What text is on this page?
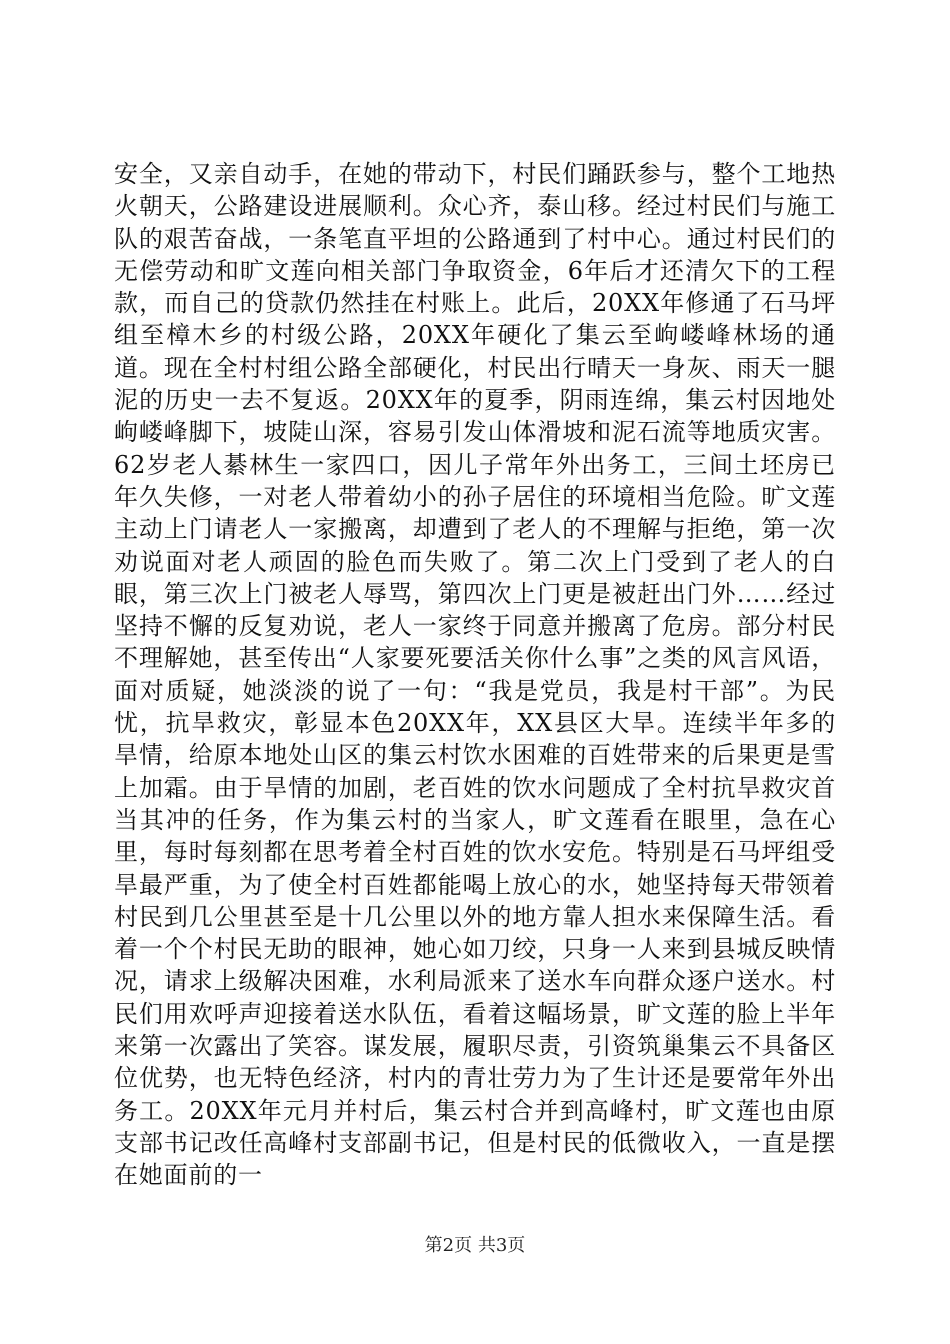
安全，又亲自动手，在她的带动下，村民们踊跃参与，整个工地热火朝天，公路建设进展顺利。众心齐，泰山移。经过村民们与施工队的艰苦奋战，一条笔直平坦的公路通到了村中心。通过村民们的无偿劳动和旷文莲向相关部门争取资金，6年后才还清欠下的工程款，而自己的贷款仍然挂在村账上。此后，20XX年修通了石马坪组至樟木乡的村级公路，20XX年硬化了集云至岣嵝峰林场的通道。现在全村村组公路全部硬化，村民出行晴天一身灰、雨天一腿泥的历史一去不复返。20XX年的夏季，阴雨连绵，集云村因地处岣嵝峰脚下，坡陡山深，容易引发山体滑坡和泥石流等地质灾害。62岁老人綦林生一家四口，因儿子常年外出务工，三间土坯房已年久失修，一对老人带着幼小的孙子居住的环境相当危险。旷文莲主动上门请老人一家搬离，却遭到了老人的不理解与拒绝，第一次劝说面对老人顽固的脸色而失败了。第二次上门受到了老人的白眼，第三次上门被老人辱骂，第四次上门更是被赶出门外……经过坚持不懈的反复劝说，老人一家终于同意并搬离了危房。部分村民不理解她，甚至传出“人家要死要活关你什么事”之类的风言风语，面对质疑，她淡淡的说了一句：“我是党员，我是村干部”。为民忧，抗旱救灾，彰显本色20XX年，XX县区大旱。连续半年多的旱情，给原本地处山区的集云村饮水困难的百姓带来的后果更是雪上加霜。由于旱情的加剧，老百姓的饮水问题成了全村抗旱救灾首当其冲的任务，作为集云村的当家人，旷文莲看在眼里，急在心里，每时每刻都在思考着全村百姓的饮水安危。特别是石马坪组受旱最严重，为了使全村百姓都能喝上放心的水，她坚持每天带领着村民到几公里甚至是十几公里以外的地方靠人担水来保障生活。看着一个个村民无助的眼神，她心如刀绞，只身一人来到县城反映情况，请求上级解决困难，水利局派来了送水车向群众逐户送水。村民们用欢呼声迎接着送水队伍，看着这幅场景，旷文莲的脸上半年来第一次露出了笑容。谋发展，履职尽责，引资筑巢集云不具备区位优势，也无特色经济，村内的青壮劳力为了生计还是要常年外出务工。20XX年元月并村后，集云村合并到高峰村，旷文莲也由原支部书记改任高峰村支部副书记，但是村民的低微收入，一直是摆在她面前的一

第2页 共3页
